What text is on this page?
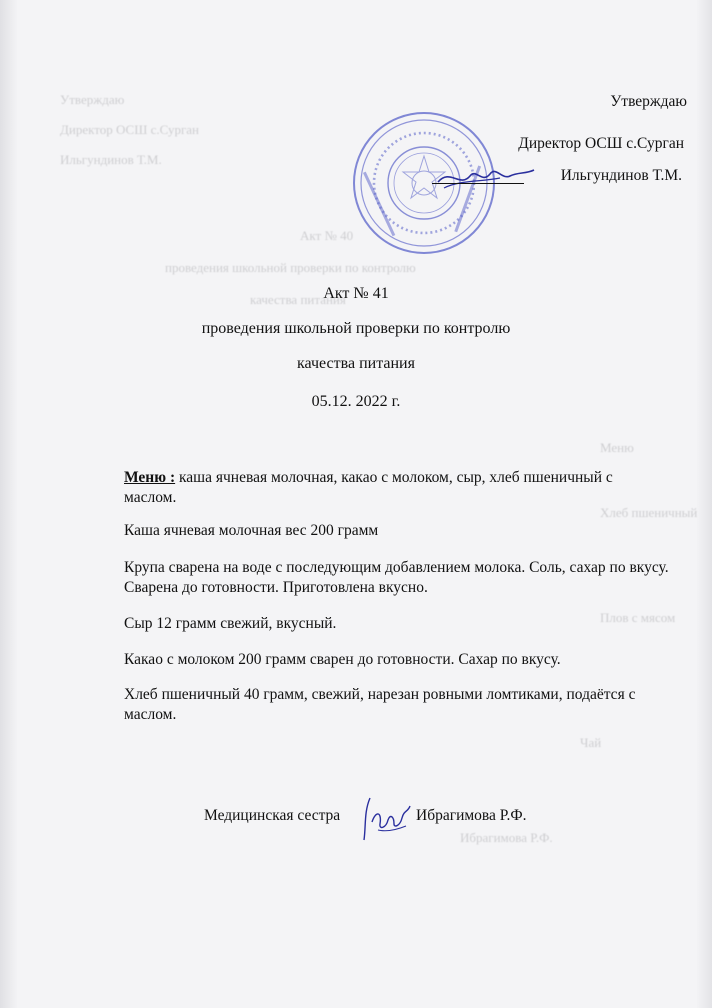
Утверждаю
Директор ОСШ с.Сурган
Ильгундинов Т.М.
Акт № 40
проведения школьной проверки по контролю
качества питания
Меню
Хлеб пшеничный
Плов с мясом
Чай
Ибрагимова Р.Ф.
Утверждаю
Директор ОСШ с.Сурган
Ильгундинов Т.М.
Акт № 41
проведения школьной проверки по контролю
качества питания
05.12. 2022 г.
Меню : каша ячневая молочная, какао с молоком, сыр, хлеб пшеничный с
маслом.
Каша ячневая молочная вес 200 грамм
Крупа сварена на воде с последующим добавлением молока. Соль, сахар по вкусу. Сварена до готовности. Приготовлена вкусно.
Сыр 12 грамм свежий, вкусный.
Какао с молоком 200 грамм сварен до готовности. Сахар по вкусу.
Хлеб пшеничный 40 грамм, свежий, нарезан ровными ломтиками, подаётся с маслом.
Медицинская сестра	Ибрагимова Р.Ф.
